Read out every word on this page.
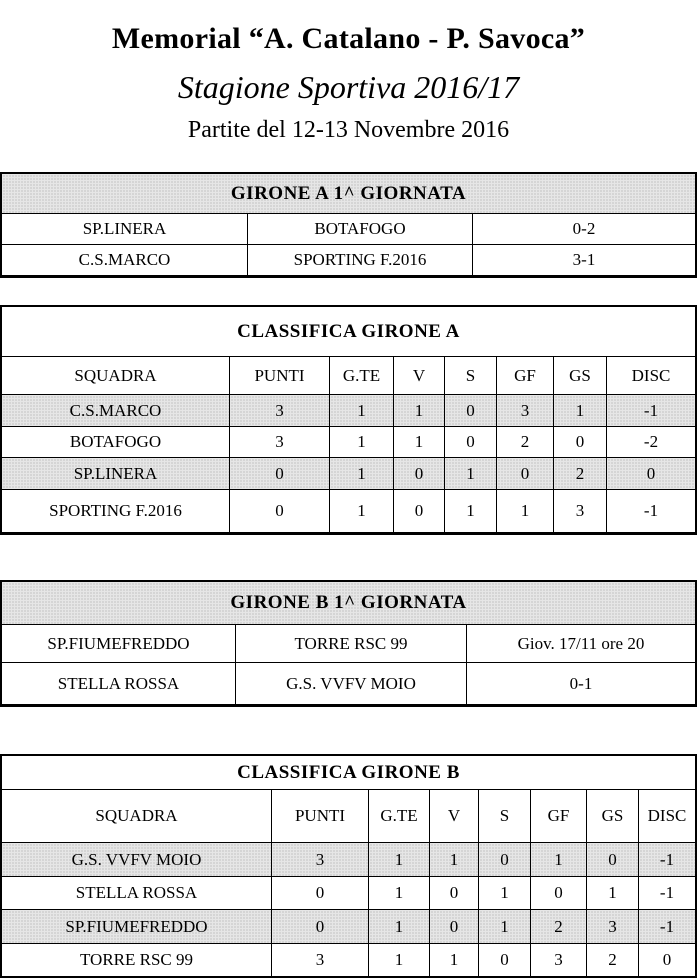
Memorial “A. Catalano - P. Savoca”
Stagione Sportiva 2016/17
Partite del 12-13 Novembre 2016
GIRONE A 1^ GIORNATA		
SP.LINERA	BOTAFOGO	0-2
C.S.MARCO	SPORTING F.2016	3-1
CLASSIFICA GIRONE A							
SQUADRA	PUNTI	G.TE	V	S	GF	GS	DISC
C.S.MARCO	3	1	1	0	3	1	-1
BOTAFOGO	3	1	1	0	2	0	-2
SP.LINERA	0	1	0	1	0	2	0
SPORTING F.2016	0	1	0	1	1	3	-1
GIRONE B 1^ GIORNATA		
SP.FIUMEFREDDO	TORRE RSC 99	Giov. 17/11 ore 20
STELLA ROSSA	G.S. VVFV MOIO	0-1
CLASSIFICA GIRONE B							
SQUADRA	PUNTI	G.TE	V	S	GF	GS	DISC
G.S. VVFV MOIO	3	1	1	0	1	0	-1
STELLA ROSSA	0	1	0	1	0	1	-1
SP.FIUMEFREDDO	0	1	0	1	2	3	-1
TORRE RSC 99	3	1	1	0	3	2	0
